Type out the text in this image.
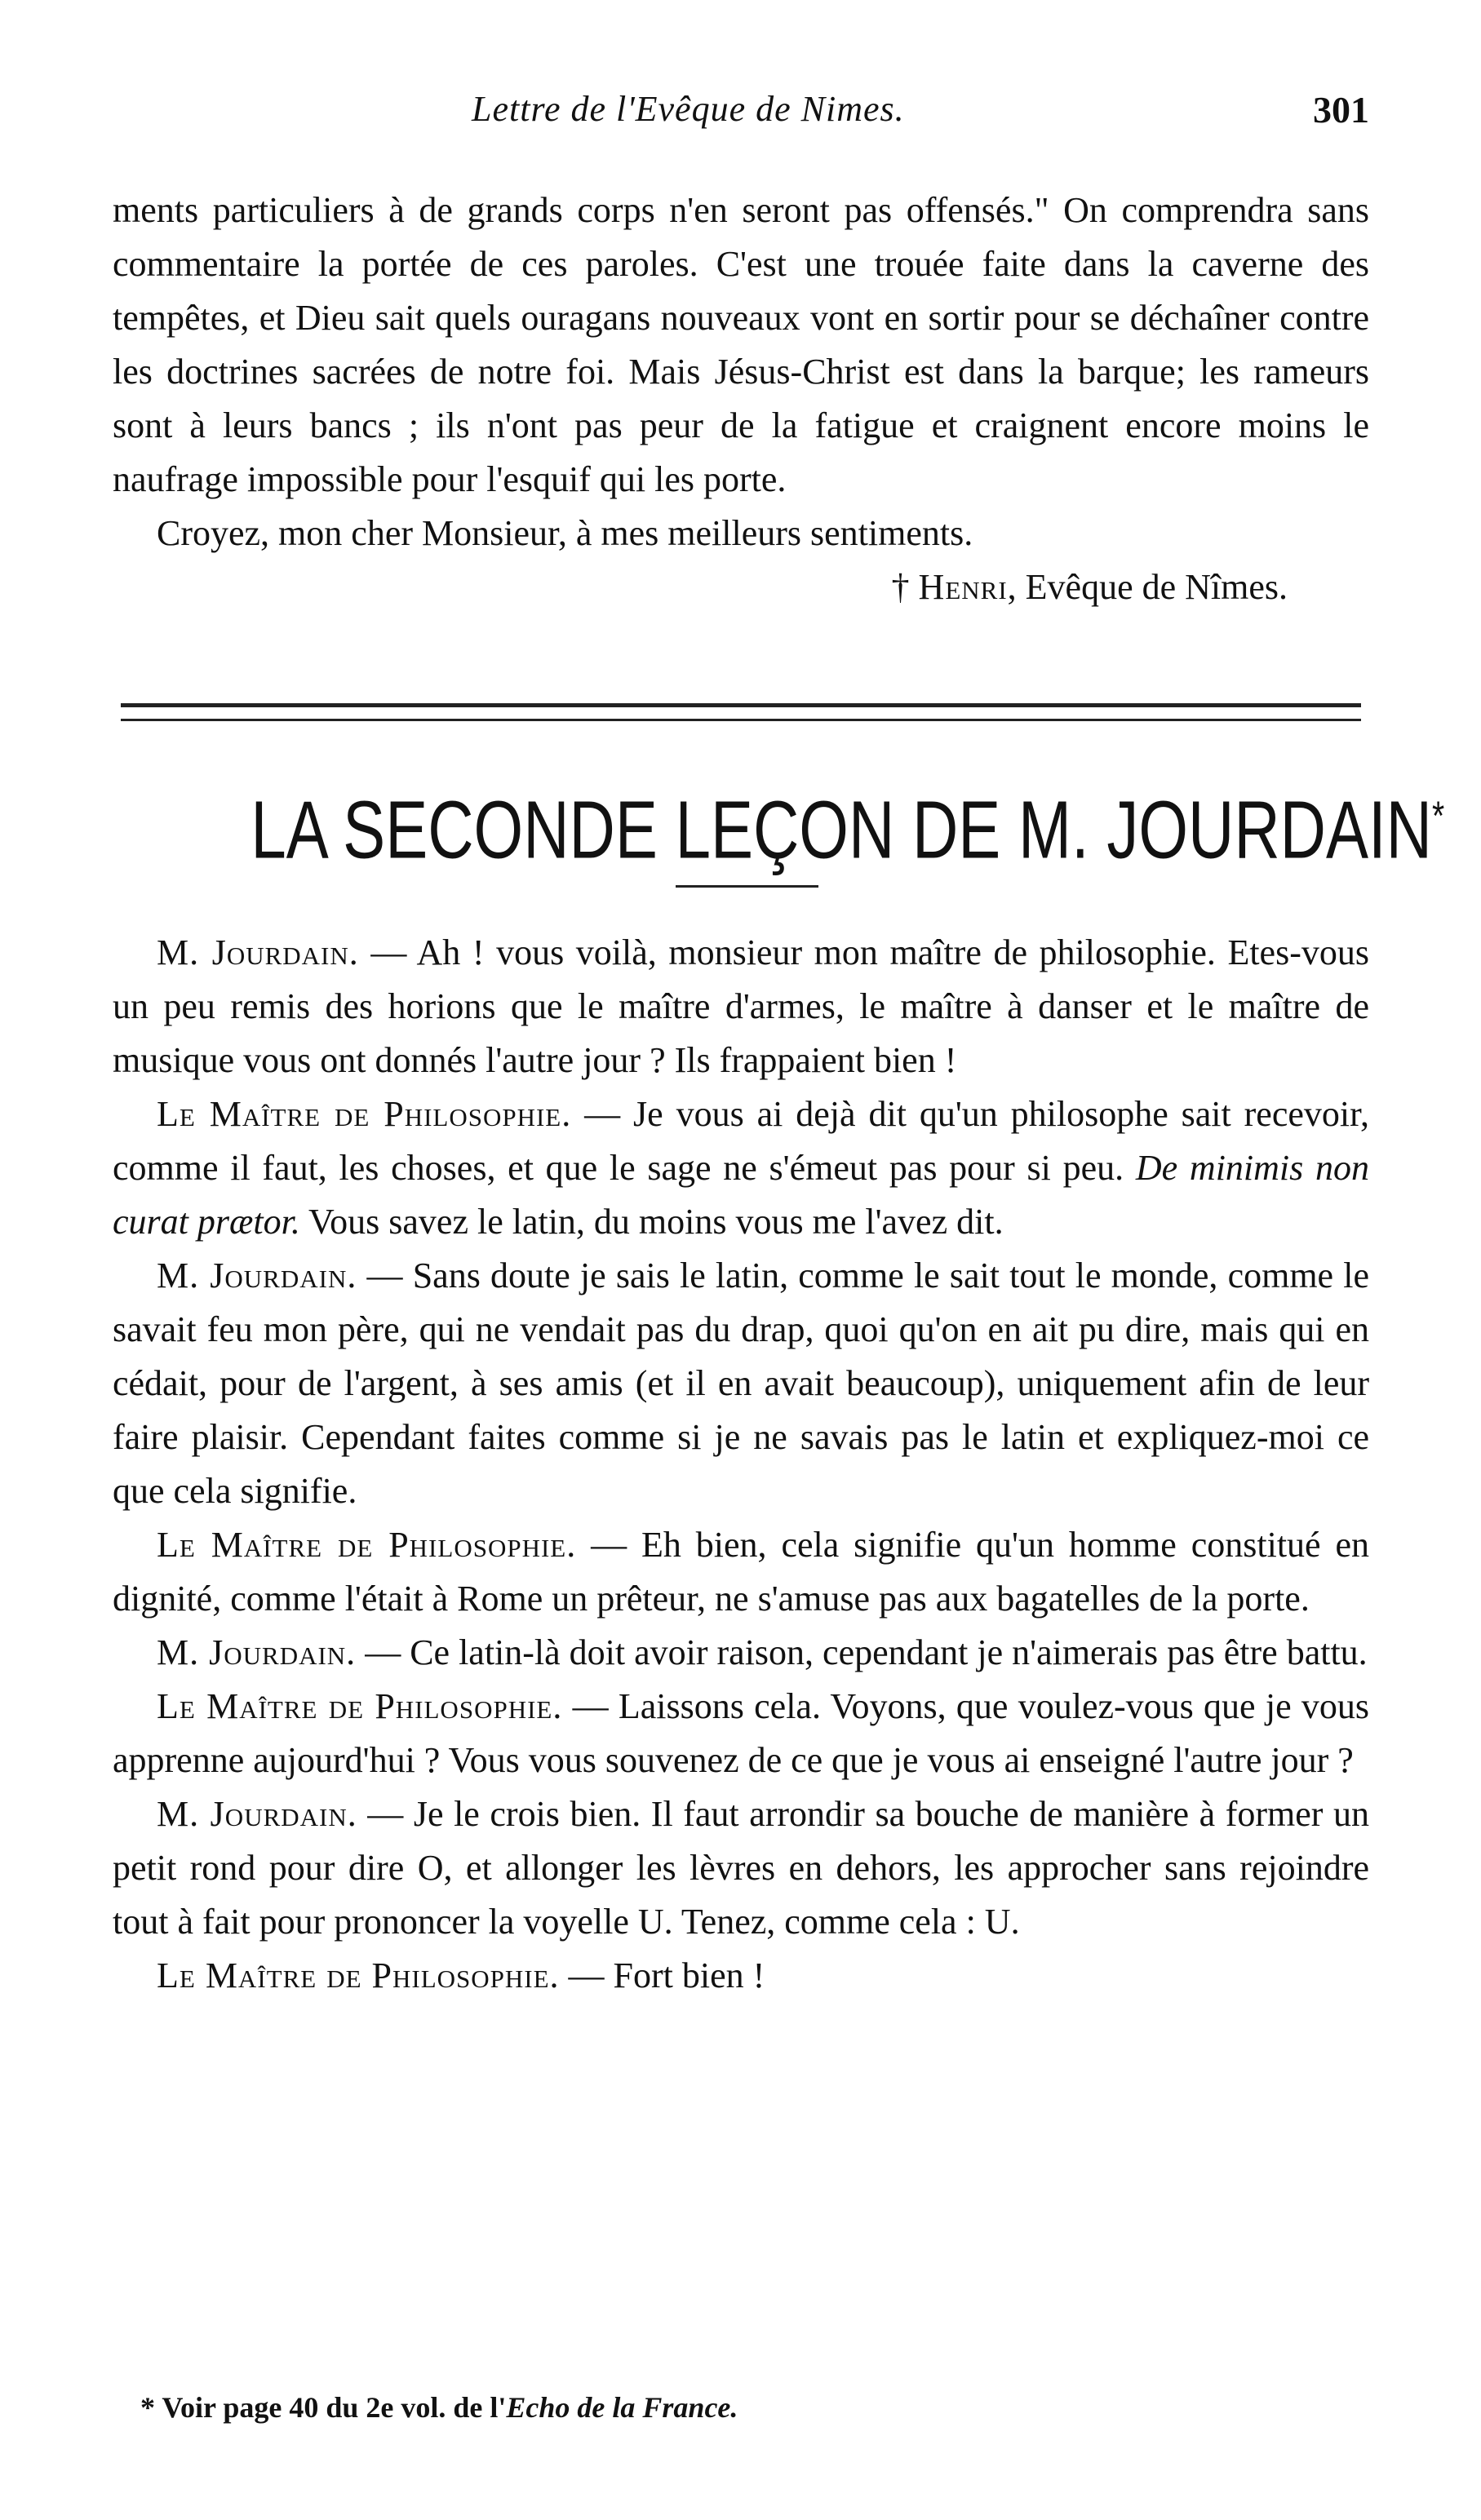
Lettre de l'Evêque de Nimes.	301

ments particuliers à de grands corps n'en seront pas offensés." On comprendra sans commentaire la portée de ces paroles. C'est une trouée faite dans la caverne des tempêtes, et Dieu sait quels ouragans nouveaux vont en sortir pour se déchaîner contre les doctrines sacrées de notre foi. Mais Jésus-Christ est dans la barque; les rameurs sont à leurs bancs ; ils n'ont pas peur de la fatigue et craignent encore moins le naufrage impossible pour l'esquif qui les porte.

Croyez, mon cher Monsieur, à mes meilleurs sentiments.

† Henri, Evêque de Nîmes.

LA SECONDE LEÇON DE M. JOURDAIN*

M. Jourdain. — Ah ! vous voilà, monsieur mon maître de philosophie. Etes-vous un peu remis des horions que le maître d'armes, le maître à danser et le maître de musique vous ont donnés l'autre jour ? Ils frappaient bien !

Le Maître de Philosophie. — Je vous ai dejà dit qu'un philosophe sait recevoir, comme il faut, les choses, et que le sage ne s'émeut pas pour si peu. De minimis non curat prætor. Vous savez le latin, du moins vous me l'avez dit.

M. Jourdain. — Sans doute je sais le latin, comme le sait tout le monde, comme le savait feu mon père, qui ne vendait pas du drap, quoi qu'on en ait pu dire, mais qui en cédait, pour de l'argent, à ses amis (et il en avait beaucoup), uniquement afin de leur faire plaisir. Cependant faites comme si je ne savais pas le latin et expliquez-moi ce que cela signifie.

Le Maître de Philosophie. — Eh bien, cela signifie qu'un homme constitué en dignité, comme l'était à Rome un prêteur, ne s'amuse pas aux bagatelles de la porte.

M. Jourdain. — Ce latin-là doit avoir raison, cependant je n'aimerais pas être battu.

Le Maître de Philosophie. — Laissons cela. Voyons, que voulez-vous que je vous apprenne aujourd'hui ? Vous vous souvenez de ce que je vous ai enseigné l'autre jour ?

M. Jourdain. — Je le crois bien. Il faut arrondir sa bouche de manière à former un petit rond pour dire O, et allonger les lèvres en dehors, les approcher sans rejoindre tout à fait pour prononcer la voyelle U. Tenez, comme cela : U.

Le Maître de Philosophie. — Fort bien !

* Voir page 40 du 2e vol. de l'Echo de la France.
